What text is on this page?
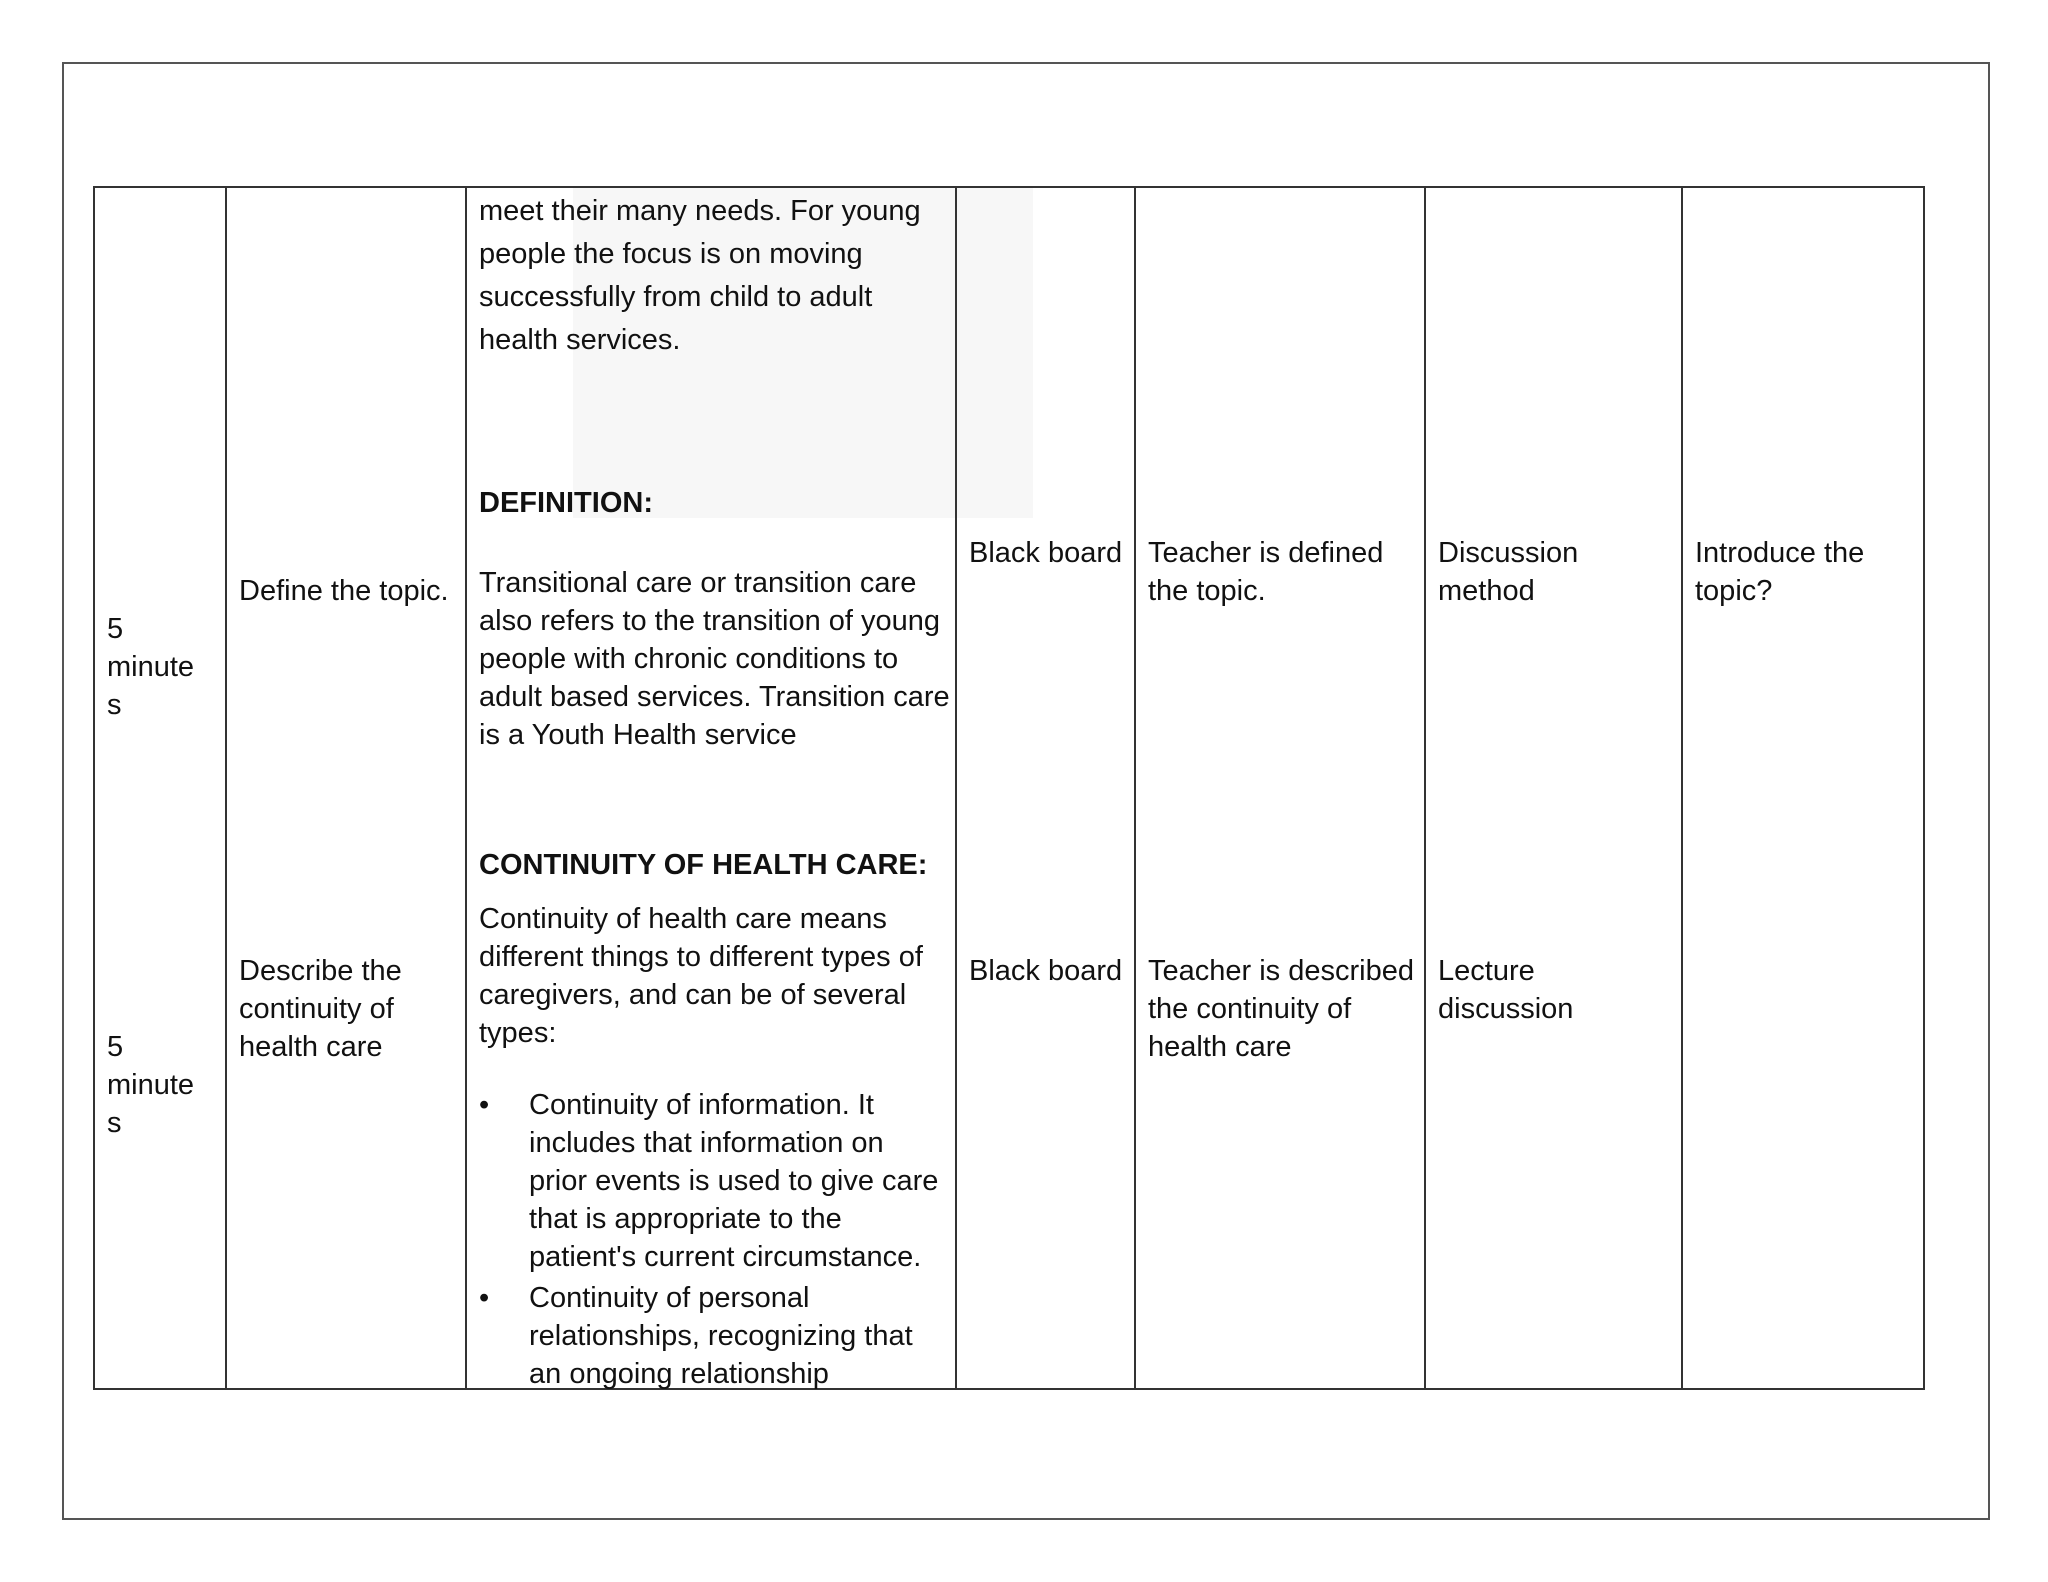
5
minute
s
Define the topic.
meet their many needs. For young
people the focus is on moving
successfully from child to adult
health services.
DEFINITION:
Transitional care or transition care
also refers to the transition of young
people with chronic conditions to
adult based services. Transition care
is a Youth Health service
Black board Teacher is defined
the topic.
Discussion
method
Introduce the
topic?
5
minute
s
Describe the
continuity of
health care
CONTINUITY OF HEALTH CARE:
Continuity of health care means
different things to different types of
caregivers, and can be of several
types:
•	Continuity of information. It
includes that information on
prior events is used to give care
that is appropriate to the
patient's current circumstance.
•	Continuity of personal
relationships, recognizing that
an ongoing relationship
Black board Teacher is described
the continuity of
health care
Lecture
discussion
